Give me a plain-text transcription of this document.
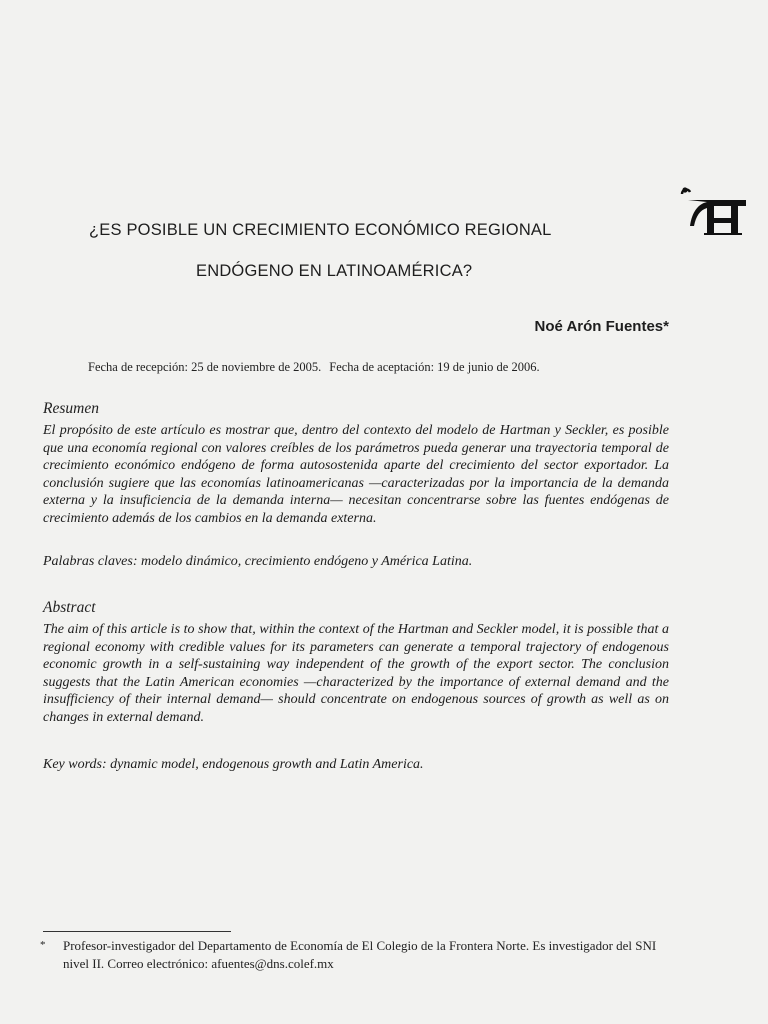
¿ES POSIBLE UN CRECIMIENTO ECONÓMICO REGIONAL
ENDÓGENO EN LATINOAMÉRICA?
Noé Arón Fuentes*
Fecha de recepción: 25 de noviembre de 2005. Fecha de aceptación: 19 de junio de 2006.
Resumen
El propósito de este artículo es mostrar que, dentro del contexto del modelo de Hartman y Seckler, es posible que una economía regional con valores creíbles de los parámetros pueda generar una trayectoria temporal de crecimiento económico endógeno de forma autosostenida aparte del crecimiento del sector exportador. La conclusión sugiere que las economías latinoamericanas —caracterizadas por la importancia de la demanda externa y la insuficiencia de la demanda interna— necesitan concentrarse sobre las fuentes endógenas de crecimiento además de los cambios en la demanda externa.
Palabras claves: modelo dinámico, crecimiento endógeno y América Latina.
Abstract
The aim of this article is to show that, within the context of the Hartman and Seckler model, it is possible that a regional economy with credible values for its parameters can generate a temporal trajectory of endogenous economic growth in a self-sustaining way independent of the growth of the export sector. The conclusion suggests that the Latin American economies —characterized by the importance of external demand and the insufficiency of their internal demand— should concentrate on endogenous sources of growth as well as on changes in external demand.
Key words: dynamic model, endogenous growth and Latin America.
*	Profesor-investigador del Departamento de Economía de El Colegio de la Frontera Norte. Es investigador del SNI nivel II. Correo electrónico: afuentes@dns.colef.mx
